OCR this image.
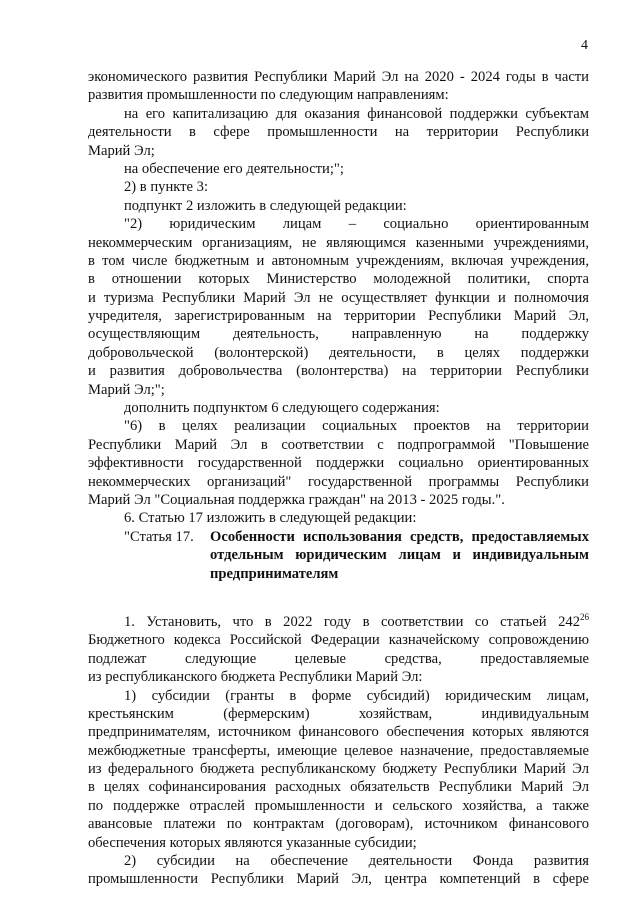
4
экономического развития Республики Марий Эл на 2020 - 2024 годы в части
развития промышленности по следующим направлениям:
на его капитализацию для оказания финансовой поддержки субъектам
деятельности в сфере промышленности на территории Республики
Марий Эл;
на обеспечение его деятельности;";
2) в пункте 3:
подпункт 2 изложить в следующей редакции:
"2) юридическим лицам – социально ориентированным
некоммерческим организациям, не являющимся казенными учреждениями,
в том числе бюджетным и автономным учреждениям, включая учреждения,
в отношении которых Министерство молодежной политики, спорта
и туризма Республики Марий Эл не осуществляет функции и полномочия
учредителя, зарегистрированным на территории Республики Марий Эл,
осуществляющим деятельность, направленную на поддержку
добровольческой (волонтерской) деятельности, в целях поддержки
и развития добровольчества (волонтерства) на территории Республики
Марий Эл;";
дополнить подпунктом 6 следующего содержания:
"6) в целях реализации социальных проектов на территории
Республики Марий Эл в соответствии с подпрограммой "Повышение
эффективности государственной поддержки социально ориентированных
некоммерческих организаций" государственной программы Республики
Марий Эл "Социальная поддержка граждан" на 2013 - 2025 годы.".
6. Статью 17 изложить в следующей редакции:
"Статья 17.	Особенности использования средств, предоставляемых
отдельным юридическим лицам и индивидуальным
предпринимателям
1. Установить, что в 2022 году в соответствии со статьей $242^{26}$
Бюджетного кодекса Российской Федерации казначейскому сопровождению
подлежат следующие целевые средства, предоставляемые
из республиканского бюджета Республики Марий Эл:
1) субсидии (гранты в форме субсидий) юридическим лицам,
крестьянским (фермерским) хозяйствам, индивидуальным
предпринимателям, источником финансового обеспечения которых являются
межбюджетные трансферты, имеющие целевое назначение, предоставляемые
из федерального бюджета республиканскому бюджету Республики Марий Эл
в целях софинансирования расходных обязательств Республики Марий Эл
по поддержке отраслей промышленности и сельского хозяйства, а также
авансовые платежи по контрактам (договорам), источником финансового
обеспечения которых являются указанные субсидии;
2) субсидии на обеспечение деятельности Фонда развития
промышленности Республики Марий Эл, центра компетенций в сфере
